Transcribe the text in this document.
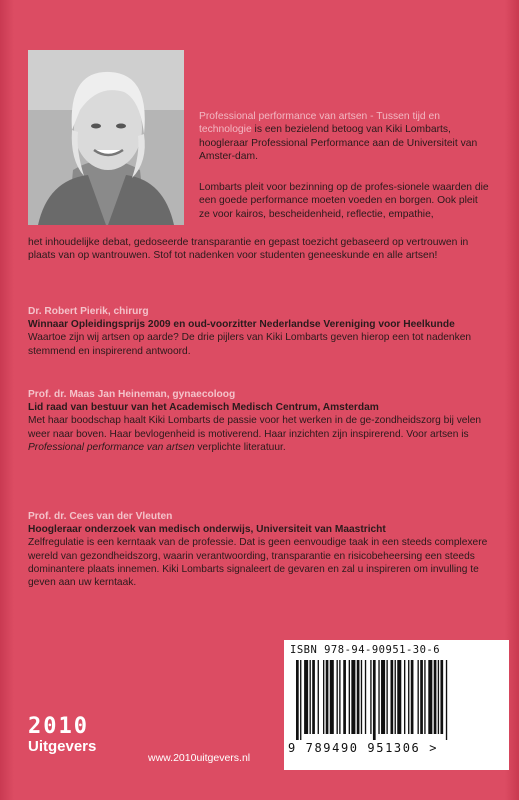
Professional performance van artsen - Tussen tijd en technologie is een bezielend betoog van Kiki Lombarts, hoogleraar Professional Performance aan de Universiteit van Amster-dam.
Lombarts pleit voor bezinning op de profes-sionele waarden die een goede performance moeten voeden en borgen. Ook pleit ze voor kairos, bescheidenheid, reflectie, empathie,
het inhoudelijke debat, gedoseerde transparantie en gepast toezicht gebaseerd op vertrouwen in plaats van op wantrouwen. Stof tot nadenken voor studenten geneeskunde en alle artsen!
Dr. Robert Pierik, chirurg
Winnaar Opleidingsprijs 2009 en oud-voorzitter Nederlandse Vereniging voor Heelkunde
Waartoe zijn wij artsen op aarde? De drie pijlers van Kiki Lombarts geven hierop een tot nadenken stemmend en inspirerend antwoord.
Prof. dr. Maas Jan Heineman, gynaecoloog
Lid raad van bestuur van het Academisch Medisch Centrum, Amsterdam
Met haar boodschap haalt Kiki Lombarts de passie voor het werken in de ge-zondheidszorg bij velen weer naar boven. Haar bevlogenheid is motiverend. Haar inzichten zijn inspirerend. Voor artsen is Professional performance van artsen verplichte literatuur.
Prof. dr. Cees van der Vleuten
Hoogleraar onderzoek van medisch onderwijs, Universiteit van Maastricht
Zelfregulatie is een kerntaak van de professie. Dat is geen eenvoudige taak in een steeds complexere wereld van gezondheidszorg, waarin verantwoording, transparantie en risicobeheersing een steeds dominantere plaats innemen. Kiki Lombarts signaleert de gevaren en zal u inspireren om invulling te geven aan uw kerntaak.
ISBN 978-94-90951-30-6
9 789490 951306 >
2010
Uitgevers
www.2010uitgevers.nl
